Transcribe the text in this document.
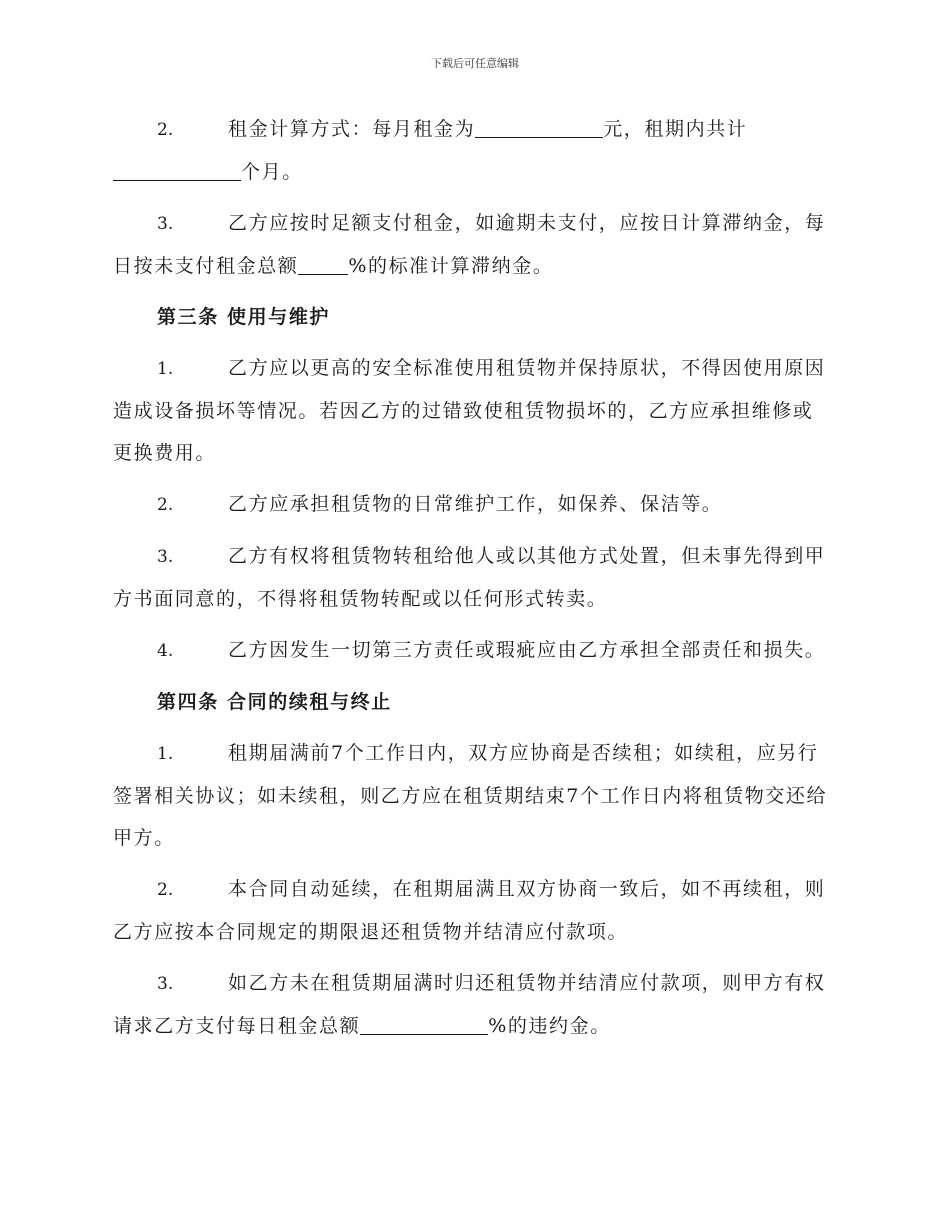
下载后可任意编辑

2.	租金计算方式：每月租金为	元，租期内共计
个月。

3.	乙方应按时足额支付租金，如逾期未支付，应按日计算滞纳金，每日按未支付租金总额	%的标准计算滞纳金。

第三条 使用与维护

1.	乙方应以更高的安全标准使用租赁物并保持原状，不得因使用原因造成设备损坏等情况。若因乙方的过错致使租赁物损坏的，乙方应承担维修或更换费用。

2.	乙方应承担租赁物的日常维护工作，如保养、保洁等。

3.	乙方有权将租赁物转租给他人或以其他方式处置，但未事先得到甲方书面同意的，不得将租赁物转配或以任何形式转卖。

4.	乙方因发生一切第三方责任或瑕疵应由乙方承担全部责任和损失。

第四条 合同的续租与终止

1.	租期届满前7个工作日内，双方应协商是否续租；如续租，应另行签署相关协议；如未续租，则乙方应在租赁期结束7个工作日内将租赁物交还给甲方。

2.	本合同自动延续，在租期届满且双方协商一致后，如不再续租，则乙方应按本合同规定的期限退还租赁物并结清应付款项。

3.	如乙方未在租赁期届满时归还租赁物并结清应付款项，则甲方有权请求乙方支付每日租金总额	%的违约金。
